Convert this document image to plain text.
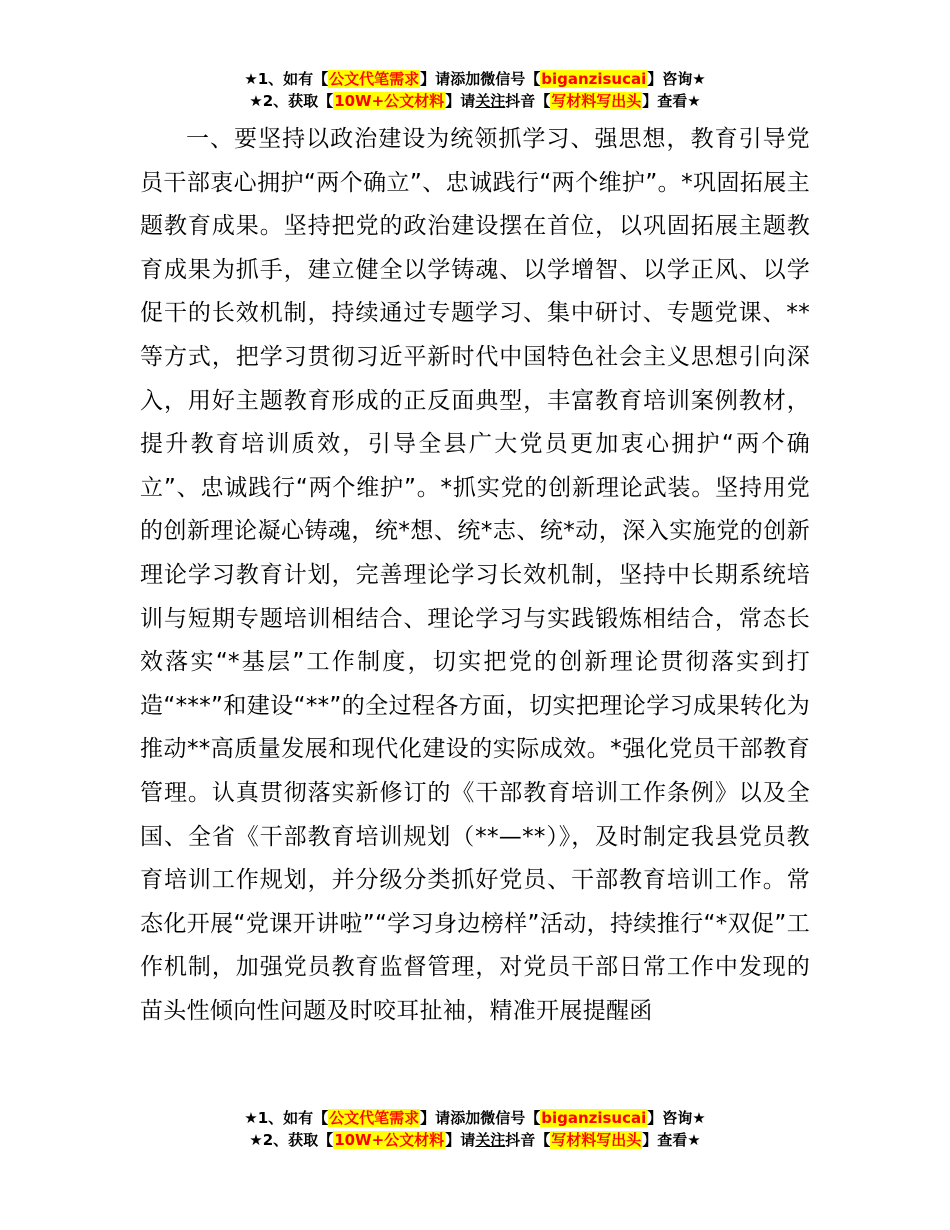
★1、如有【公文代笔需求】请添加微信号【biganzisucai】咨询★
★2、获取【10W+公文材料】请关注抖音【写材料写出头】查看★

一、要坚持以政治建设为统领抓学习、强思想，教育引导党员干部衷心拥护“两个确立”、忠诚践行“两个维护”。*巩固拓展主题教育成果。坚持把党的政治建设摆在首位，以巩固拓展主题教育成果为抓手，建立健全以学铸魂、以学增智、以学正风、以学促干的长效机制，持续通过专题学习、集中研讨、专题党课、**等方式，把学习贯彻习近平新时代中国特色社会主义思想引向深入，用好主题教育形成的正反面典型，丰富教育培训案例教材，提升教育培训质效，引导全县广大党员更加衷心拥护“两个确立”、忠诚践行“两个维护”。*抓实党的创新理论武装。坚持用党的创新理论凝心铸魂，统*想、统*志、统*动，深入实施党的创新理论学习教育计划，完善理论学习长效机制，坚持中长期系统培训与短期专题培训相结合、理论学习与实践锻炼相结合，常态长效落实“*基层”工作制度，切实把党的创新理论贯彻落实到打造“***”和建设“**”的全过程各方面，切实把理论学习成果转化为推动**高质量发展和现代化建设的实际成效。*强化党员干部教育管理。认真贯彻落实新修订的《干部教育培训工作条例》以及全国、全省《干部教育培训规划（**—**）》，及时制定我县党员教育培训工作规划，并分级分类抓好党员、干部教育培训工作。常态化开展“党课开讲啦”“学习身边榜样”活动，持续推行“*双促”工作机制，加强党员教育监督管理，对党员干部日常工作中发现的苗头性倾向性问题及时咬耳扯袖，精准开展提醒函

★1、如有【公文代笔需求】请添加微信号【biganzisucai】咨询★
★2、获取【10W+公文材料】请关注抖音【写材料写出头】查看★
